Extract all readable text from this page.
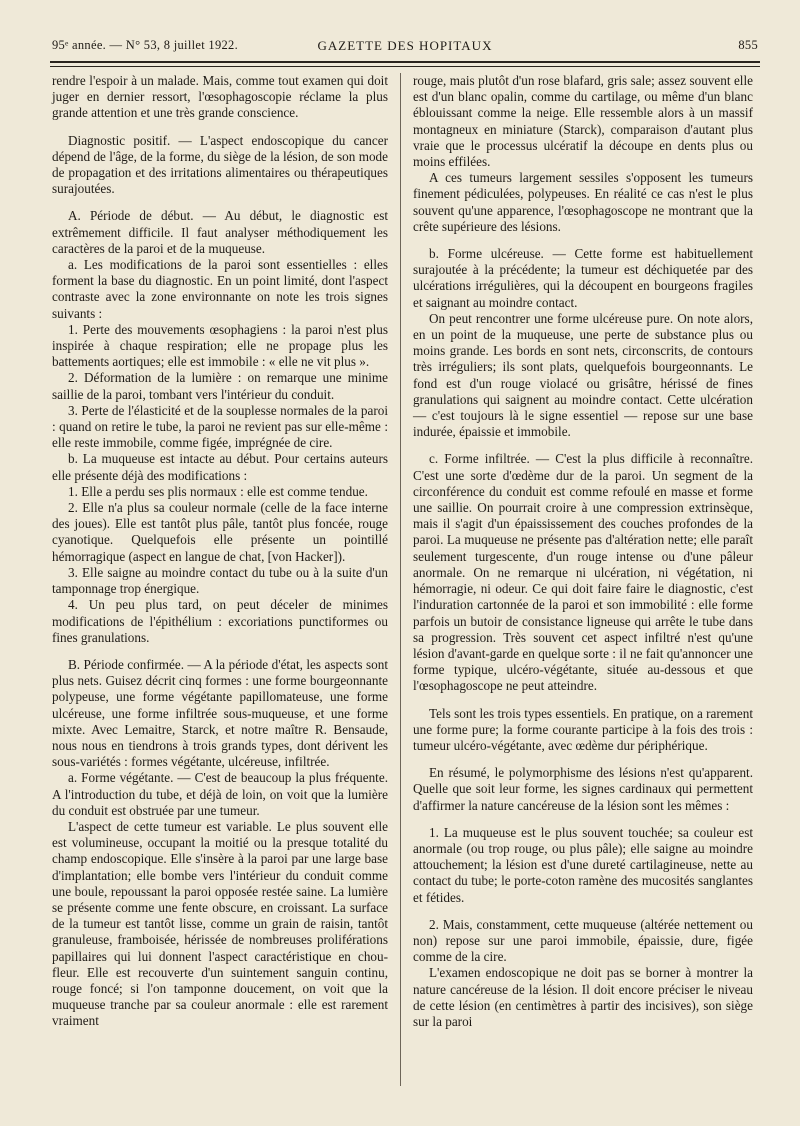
95ᵉ année. — N° 53, 8 juillet 1922.	GAZETTE DES HOPITAUX	855

rendre l'espoir à un malade. Mais, comme tout examen qui doit juger en dernier ressort, l'œsophagoscopie réclame la plus grande attention et une très grande conscience.

Diagnostic positif. — L'aspect endoscopique du cancer dépend de l'âge, de la forme, du siège de la lésion, de son mode de propagation et des irritations alimentaires ou thérapeutiques surajoutées.

A. Période de début. — Au début, le diagnostic est extrêmement difficile. Il faut analyser méthodiquement les caractères de la paroi et de la muqueuse.

a. Les modifications de la paroi sont essentielles : elles forment la base du diagnostic. En un point limité, dont l'aspect contraste avec la zone environnante on note les trois signes suivants :

1. Perte des mouvements œsophagiens : la paroi n'est plus inspirée à chaque respiration; elle ne propage plus les battements aortiques; elle est immobile : « elle ne vit plus ».

2. Déformation de la lumière : on remarque une minime saillie de la paroi, tombant vers l'intérieur du conduit.

3. Perte de l'élasticité et de la souplesse normales de la paroi : quand on retire le tube, la paroi ne revient pas sur elle-même : elle reste immobile, comme figée, imprégnée de cire.

b. La muqueuse est intacte au début. Pour certains auteurs elle présente déjà des modifications :

1. Elle a perdu ses plis normaux : elle est comme tendue.

2. Elle n'a plus sa couleur normale (celle de la face interne des joues). Elle est tantôt plus pâle, tantôt plus foncée, rouge cyanotique. Quelquefois elle présente un pointillé hémorragique (aspect en langue de chat, [von Hacker]).

3. Elle saigne au moindre contact du tube ou à la suite d'un tamponnage trop énergique.

4. Un peu plus tard, on peut déceler de minimes modifications de l'épithélium : excoriations punctiformes ou fines granulations.

B. Période confirmée. — A la période d'état, les aspects sont plus nets. Guisez décrit cinq formes : une forme bourgeonnante polypeuse, une forme végétante papillomateuse, une forme ulcéreuse, une forme infiltrée sous-muqueuse, et une forme mixte. Avec Lemaitre, Starck, et notre maître R. Bensaude, nous nous en tiendrons à trois grands types, dont dérivent les sous-variétés : formes végétante, ulcéreuse, infiltrée.

a. Forme végétante. — C'est de beaucoup la plus fréquente. A l'introduction du tube, et déjà de loin, on voit que la lumière du conduit est obstruée par une tumeur.

L'aspect de cette tumeur est variable. Le plus souvent elle est volumineuse, occupant la moitié ou la presque totalité du champ endoscopique. Elle s'insère à la paroi par une large base d'implantation; elle bombe vers l'intérieur du conduit comme une boule, repoussant la paroi opposée restée saine. La lumière se présente comme une fente obscure, en croissant. La surface de la tumeur est tantôt lisse, comme un grain de raisin, tantôt granuleuse, framboisée, hérissée de nombreuses proliférations papillaires qui lui donnent l'aspect caractéristique en chou-fleur. Elle est recouverte d'un suintement sanguin continu, rouge foncé; si l'on tamponne doucement, on voit que la muqueuse tranche par sa couleur anormale : elle est rarement vraiment

rouge, mais plutôt d'un rose blafard, gris sale; assez souvent elle est d'un blanc opalin, comme du cartilage, ou même d'un blanc éblouissant comme la neige. Elle ressemble alors à un massif montagneux en miniature (Starck), comparaison d'autant plus vraie que le processus ulcératif la découpe en dents plus ou moins effilées.

A ces tumeurs largement sessiles s'opposent les tumeurs finement pédiculées, polypeuses. En réalité ce cas n'est le plus souvent qu'une apparence, l'œsophagoscope ne montrant que la crête supérieure des lésions.

b. Forme ulcéreuse. — Cette forme est habituellement surajoutée à la précédente; la tumeur est déchiquetée par des ulcérations irrégulières, qui la découpent en bourgeons fragiles et saignant au moindre contact.

On peut rencontrer une forme ulcéreuse pure. On note alors, en un point de la muqueuse, une perte de substance plus ou moins grande. Les bords en sont nets, circonscrits, de contours très irréguliers; ils sont plats, quelquefois bourgeonnants. Le fond est d'un rouge violacé ou grisâtre, hérissé de fines granulations qui saignent au moindre contact. Cette ulcération — c'est toujours là le signe essentiel — repose sur une base indurée, épaissie et immobile.

c. Forme infiltrée. — C'est la plus difficile à reconnaître. C'est une sorte d'œdème dur de la paroi. Un segment de la circonférence du conduit est comme refoulé en masse et forme une saillie. On pourrait croire à une compression extrinsèque, mais il s'agit d'un épaississement des couches profondes de la paroi. La muqueuse ne présente pas d'altération nette; elle paraît seulement turgescente, d'un rouge intense ou d'une pâleur anormale. On ne remarque ni ulcération, ni végétation, ni hémorragie, ni odeur. Ce qui doit faire faire le diagnostic, c'est l'induration cartonnée de la paroi et son immobilité : elle forme parfois un butoir de consistance ligneuse qui arrête le tube dans sa progression. Très souvent cet aspect infiltré n'est qu'une lésion d'avant-garde en quelque sorte : il ne fait qu'annoncer une forme typique, ulcéro-végétante, située au-dessous et que l'œsophagoscope ne peut atteindre.

Tels sont les trois types essentiels. En pratique, on a rarement une forme pure; la forme courante participe à la fois des trois : tumeur ulcéro-végétante, avec œdème dur périphérique.

En résumé, le polymorphisme des lésions n'est qu'apparent. Quelle que soit leur forme, les signes cardinaux qui permettent d'affirmer la nature cancéreuse de la lésion sont les mêmes :

1. La muqueuse est le plus souvent touchée; sa couleur est anormale (ou trop rouge, ou plus pâle); elle saigne au moindre attouchement; la lésion est d'une dureté cartilagineuse, nette au contact du tube; le porte-coton ramène des mucosités sanglantes et fétides.

2. Mais, constamment, cette muqueuse (altérée nettement ou non) repose sur une paroi immobile, épaissie, dure, figée comme de la cire.

L'examen endoscopique ne doit pas se borner à montrer la nature cancéreuse de la lésion. Il doit encore préciser le niveau de cette lésion (en centimètres à partir des incisives), son siège sur la paroi
